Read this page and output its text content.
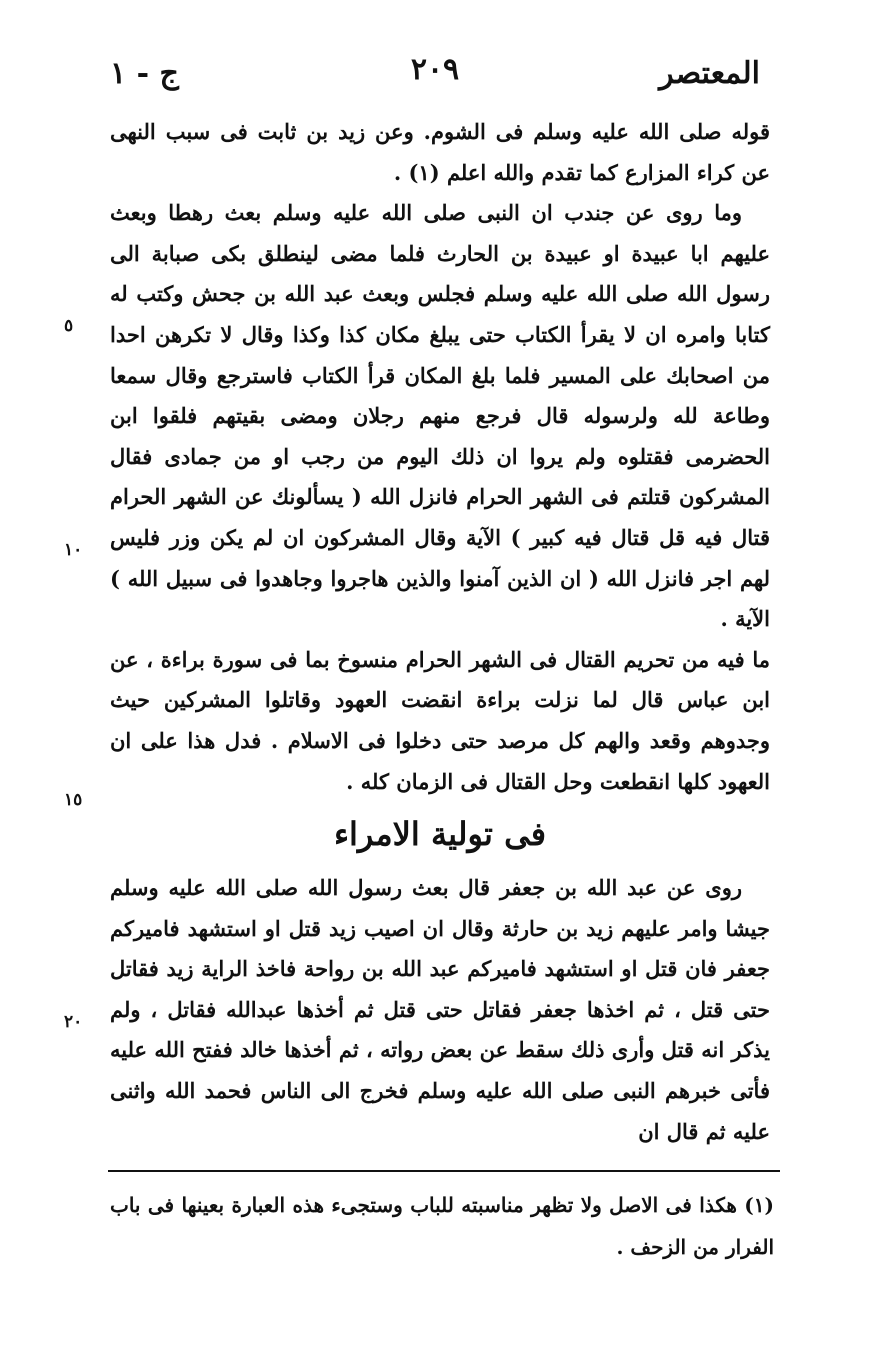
المعتصر
٢٠٩
ج - ١
٥
١٠
١٥
٢٠

قوله صلى الله عليه وسلم فى الشوم. وعن زيد بن ثابت فى سبب النهى عن كراء المزارع كما تقدم والله اعلم (١) .

وما روى عن جندب ان النبى صلى الله عليه وسلم بعث رهطا وبعث عليهم ابا عبيدة او عبيدة بن الحارث فلما مضى لينطلق بكى صبابة الى رسول الله صلى الله عليه وسلم فجلس وبعث عبد الله بن جحش وكتب له كتابا وامره ان لا يقرأ الكتاب حتى يبلغ مكان كذا وكذا وقال لا تكرهن احدا من اصحابك على المسير فلما بلغ المكان قرأ الكتاب فاسترجع وقال سمعا وطاعة لله ولرسوله قال فرجع منهم رجلان ومضى بقيتهم فلقوا ابن الحضرمى فقتلوه ولم يروا ان ذلك اليوم من رجب او من جمادى فقال المشركون قتلتم فى الشهر الحرام فانزل الله ( يسألونك عن الشهر الحرام قتال فيه قل قتال فيه كبير ) الآية وقال المشركون ان لم يكن وزر فليس لهم اجر فانزل الله ( ان الذين آمنوا والذين هاجروا وجاهدوا فى سبيل الله ) الآية .

ما فيه من تحريم القتال فى الشهر الحرام منسوخ بما فى سورة براءة ، عن ابن عباس قال لما نزلت براءة انقضت العهود وقاتلوا المشركين حيث وجدوهم وقعد والهم كل مرصد حتى دخلوا فى الاسلام . فدل هذا على ان العهود كلها انقطعت وحل القتال فى الزمان كله .

فى تولية الامراء

روى عن عبد الله بن جعفر قال بعث رسول الله صلى الله عليه وسلم جيشا وامر عليهم زيد بن حارثة وقال ان اصيب زيد قتل او استشهد فاميركم جعفر فان قتل او استشهد فاميركم عبد الله بن رواحة فاخذ الراية زيد فقاتل حتى قتل ، ثم اخذها جعفر فقاتل حتى قتل ثم أخذها عبدالله فقاتل ، ولم يذكر انه قتل وأرى ذلك سقط عن بعض رواته ، ثم أخذها خالد ففتح الله عليه فأتى خبرهم النبى صلى الله عليه وسلم فخرج الى الناس فحمد الله واثنى عليه ثم قال ان

(١) هكذا فى الاصل ولا تظهر مناسبته للباب وستجىء هذه العبارة بعينها فى باب الفرار من الزحف .
